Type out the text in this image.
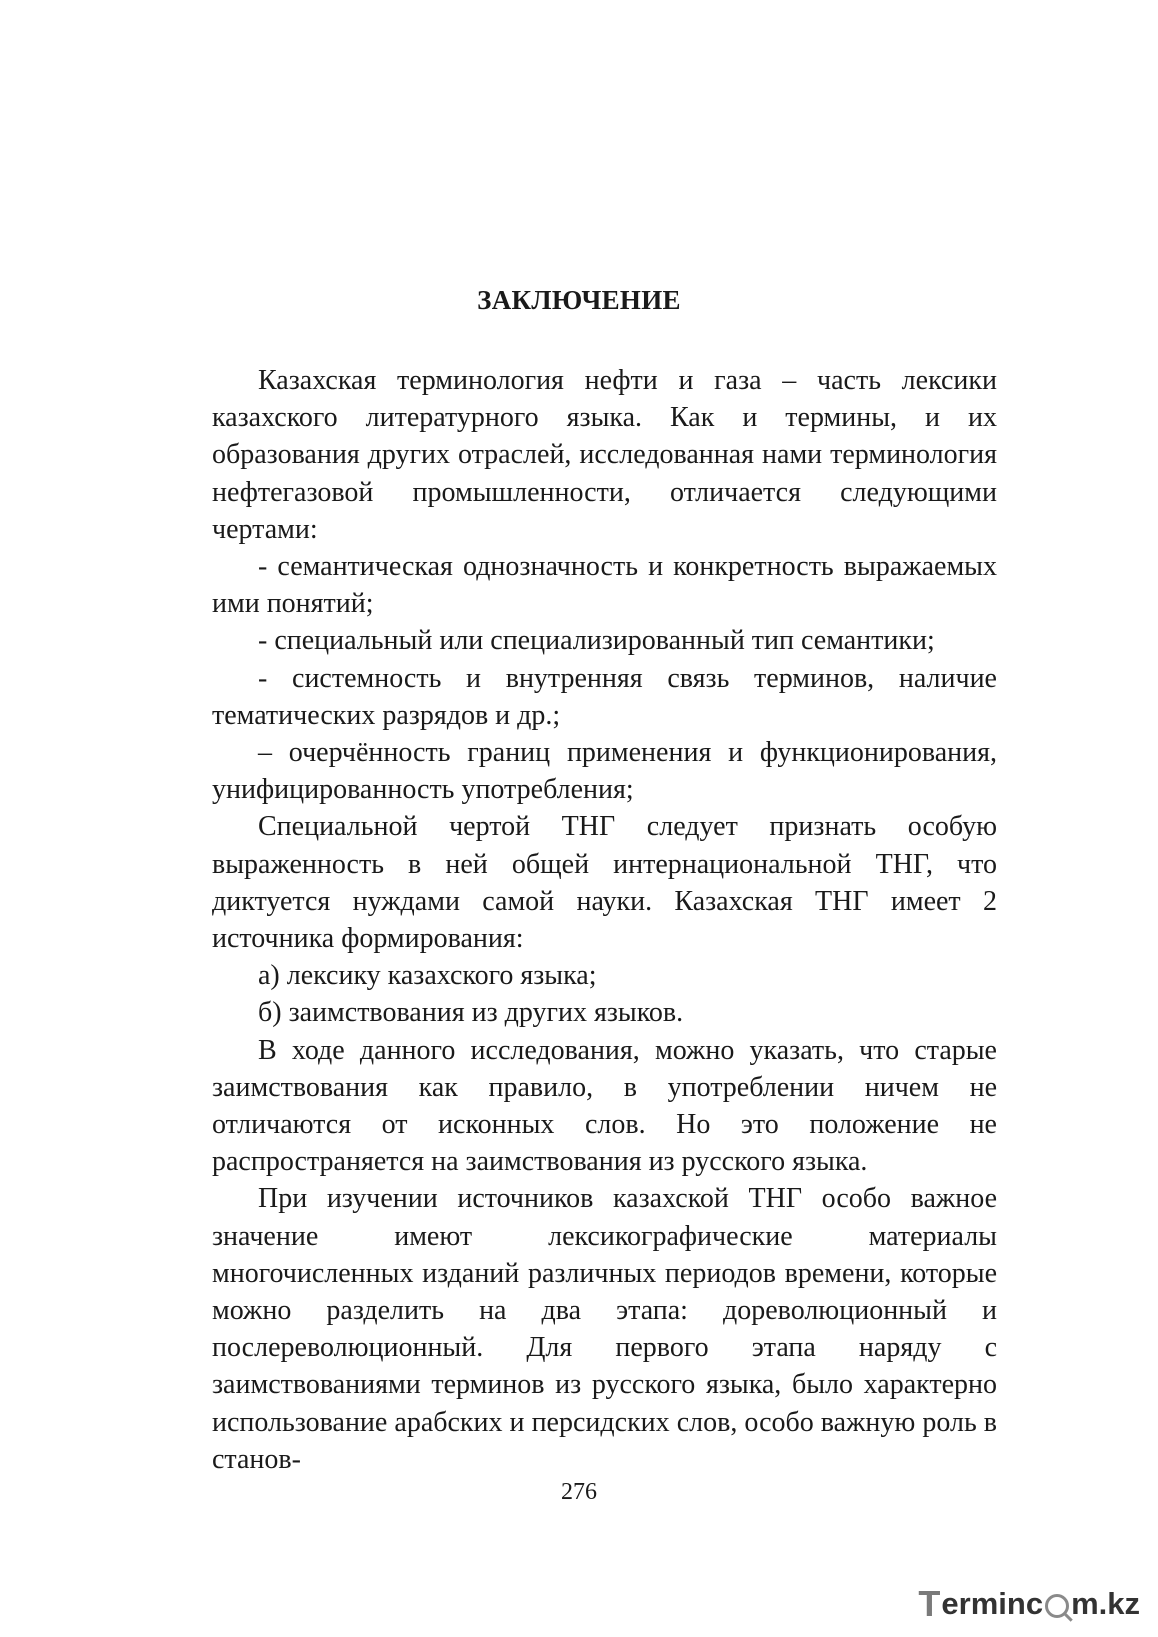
ЗАКЛЮЧЕНИЕ

Казахская терминология нефти и газа – часть лексики казахского литературного языка. Как и термины, и их образования других отраслей, исследованная нами терминология нефтегазовой промышленности, отличается следующими чертами:

- семантическая однозначность и конкретность выражаемых ими понятий;

- специальный или специализированный тип семантики;

- системность и внутренняя связь терминов, наличие тематических разрядов и др.;

– очерчённость границ применения и функционирования, унифицированность употребления;

Специальной чертой ТНГ следует признать особую выраженность в ней общей интернациональной ТНГ, что диктуется нуждами самой науки. Казахская ТНГ имеет 2 источника формирования:

а) лексику казахского языка;

б) заимствования из других языков.

В ходе данного исследования, можно указать, что старые заимствования как правило, в употреблении ничем не отличаются от исконных слов. Но это положение не распространяется на заимствования из русского языка.

При изучении источников казахской ТНГ особо важное значение имеют лексикографические материалы многочисленных изданий различных периодов времени, которые можно разделить на два этапа: дореволюционный и послереволюционный. Для первого этапа наряду с заимствованиями терминов из русского языка, было характерно использование арабских и персидских слов, особо важную роль в станов-

276
T erminc m.kz
